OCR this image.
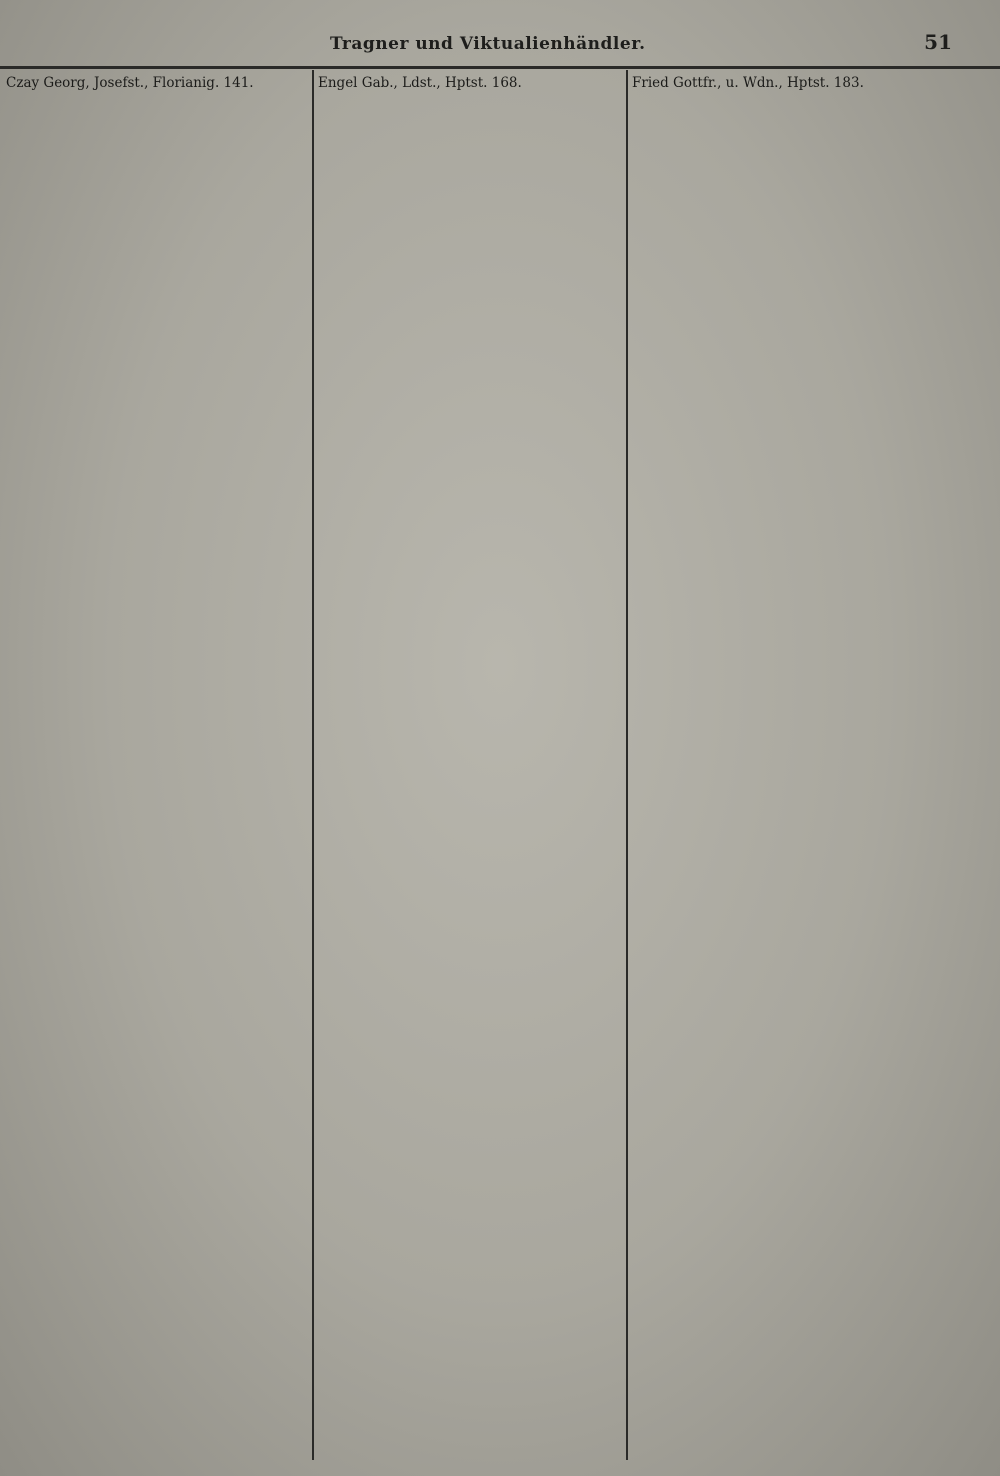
Tragner und Viktualienhändler.	51
Czay Georg, Josefst., Florianig. 141.	Engel Gab., Ldst., Hptst. 168.	Fried Gottfr., u. Wdn., Hptst. 183.
